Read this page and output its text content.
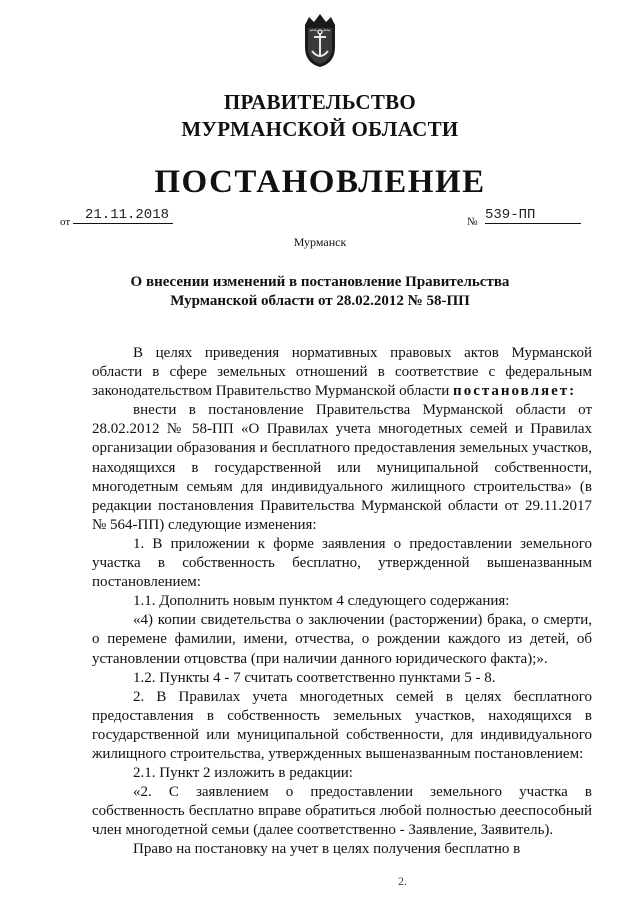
ПРАВИТЕЛЬСТВО
МУРМАНСКОЙ ОБЛАСТИ
ПОСТАНОВЛЕНИЕ
от	21.11.2018	№ 539-ПП
Мурманск
О внесении изменений в постановление Правительства
Мурманской области от 28.02.2012 № 58-ПП

В целях приведения нормативных правовых актов Мурманской области в сфере земельных отношений в соответствие с федеральным законодательством Правительство Мурманской области постановляет:

внести в постановление Правительства Мурманской области от 28.02.2012 № 58-ПП «О Правилах учета многодетных семей и Правилах организации образования и бесплатного предоставления земельных участков, находящихся в государственной или муниципальной собственности, многодетным семьям для индивидуального жилищного строительства» (в редакции постановления Правительства Мурманской области от 29.11.2017 № 564-ПП) следующие изменения:

1. В приложении к форме заявления о предоставлении земельного участка в собственность бесплатно, утвержденной вышеназванным постановлением:

1.1. Дополнить новым пунктом 4 следующего содержания:

«4) копии свидетельства о заключении (расторжении) брака, о смерти, о перемене фамилии, имени, отчества, о рождении каждого из детей, об установлении отцовства (при наличии данного юридического факта);».

1.2. Пункты 4 - 7 считать соответственно пунктами 5 - 8.

2. В Правилах учета многодетных семей в целях бесплатного предоставления в собственность земельных участков, находящихся в государственной или муниципальной собственности, для индивидуального жилищного строительства, утвержденных вышеназванным постановлением:

2.1. Пункт 2 изложить в редакции:

«2. С заявлением о предоставлении земельного участка в собственность бесплатно вправе обратиться любой полностью дееспособный член многодетной семьи (далее соответственно - Заявление, Заявитель).

Право на постановку на учет в целях получения бесплатно в

2.
